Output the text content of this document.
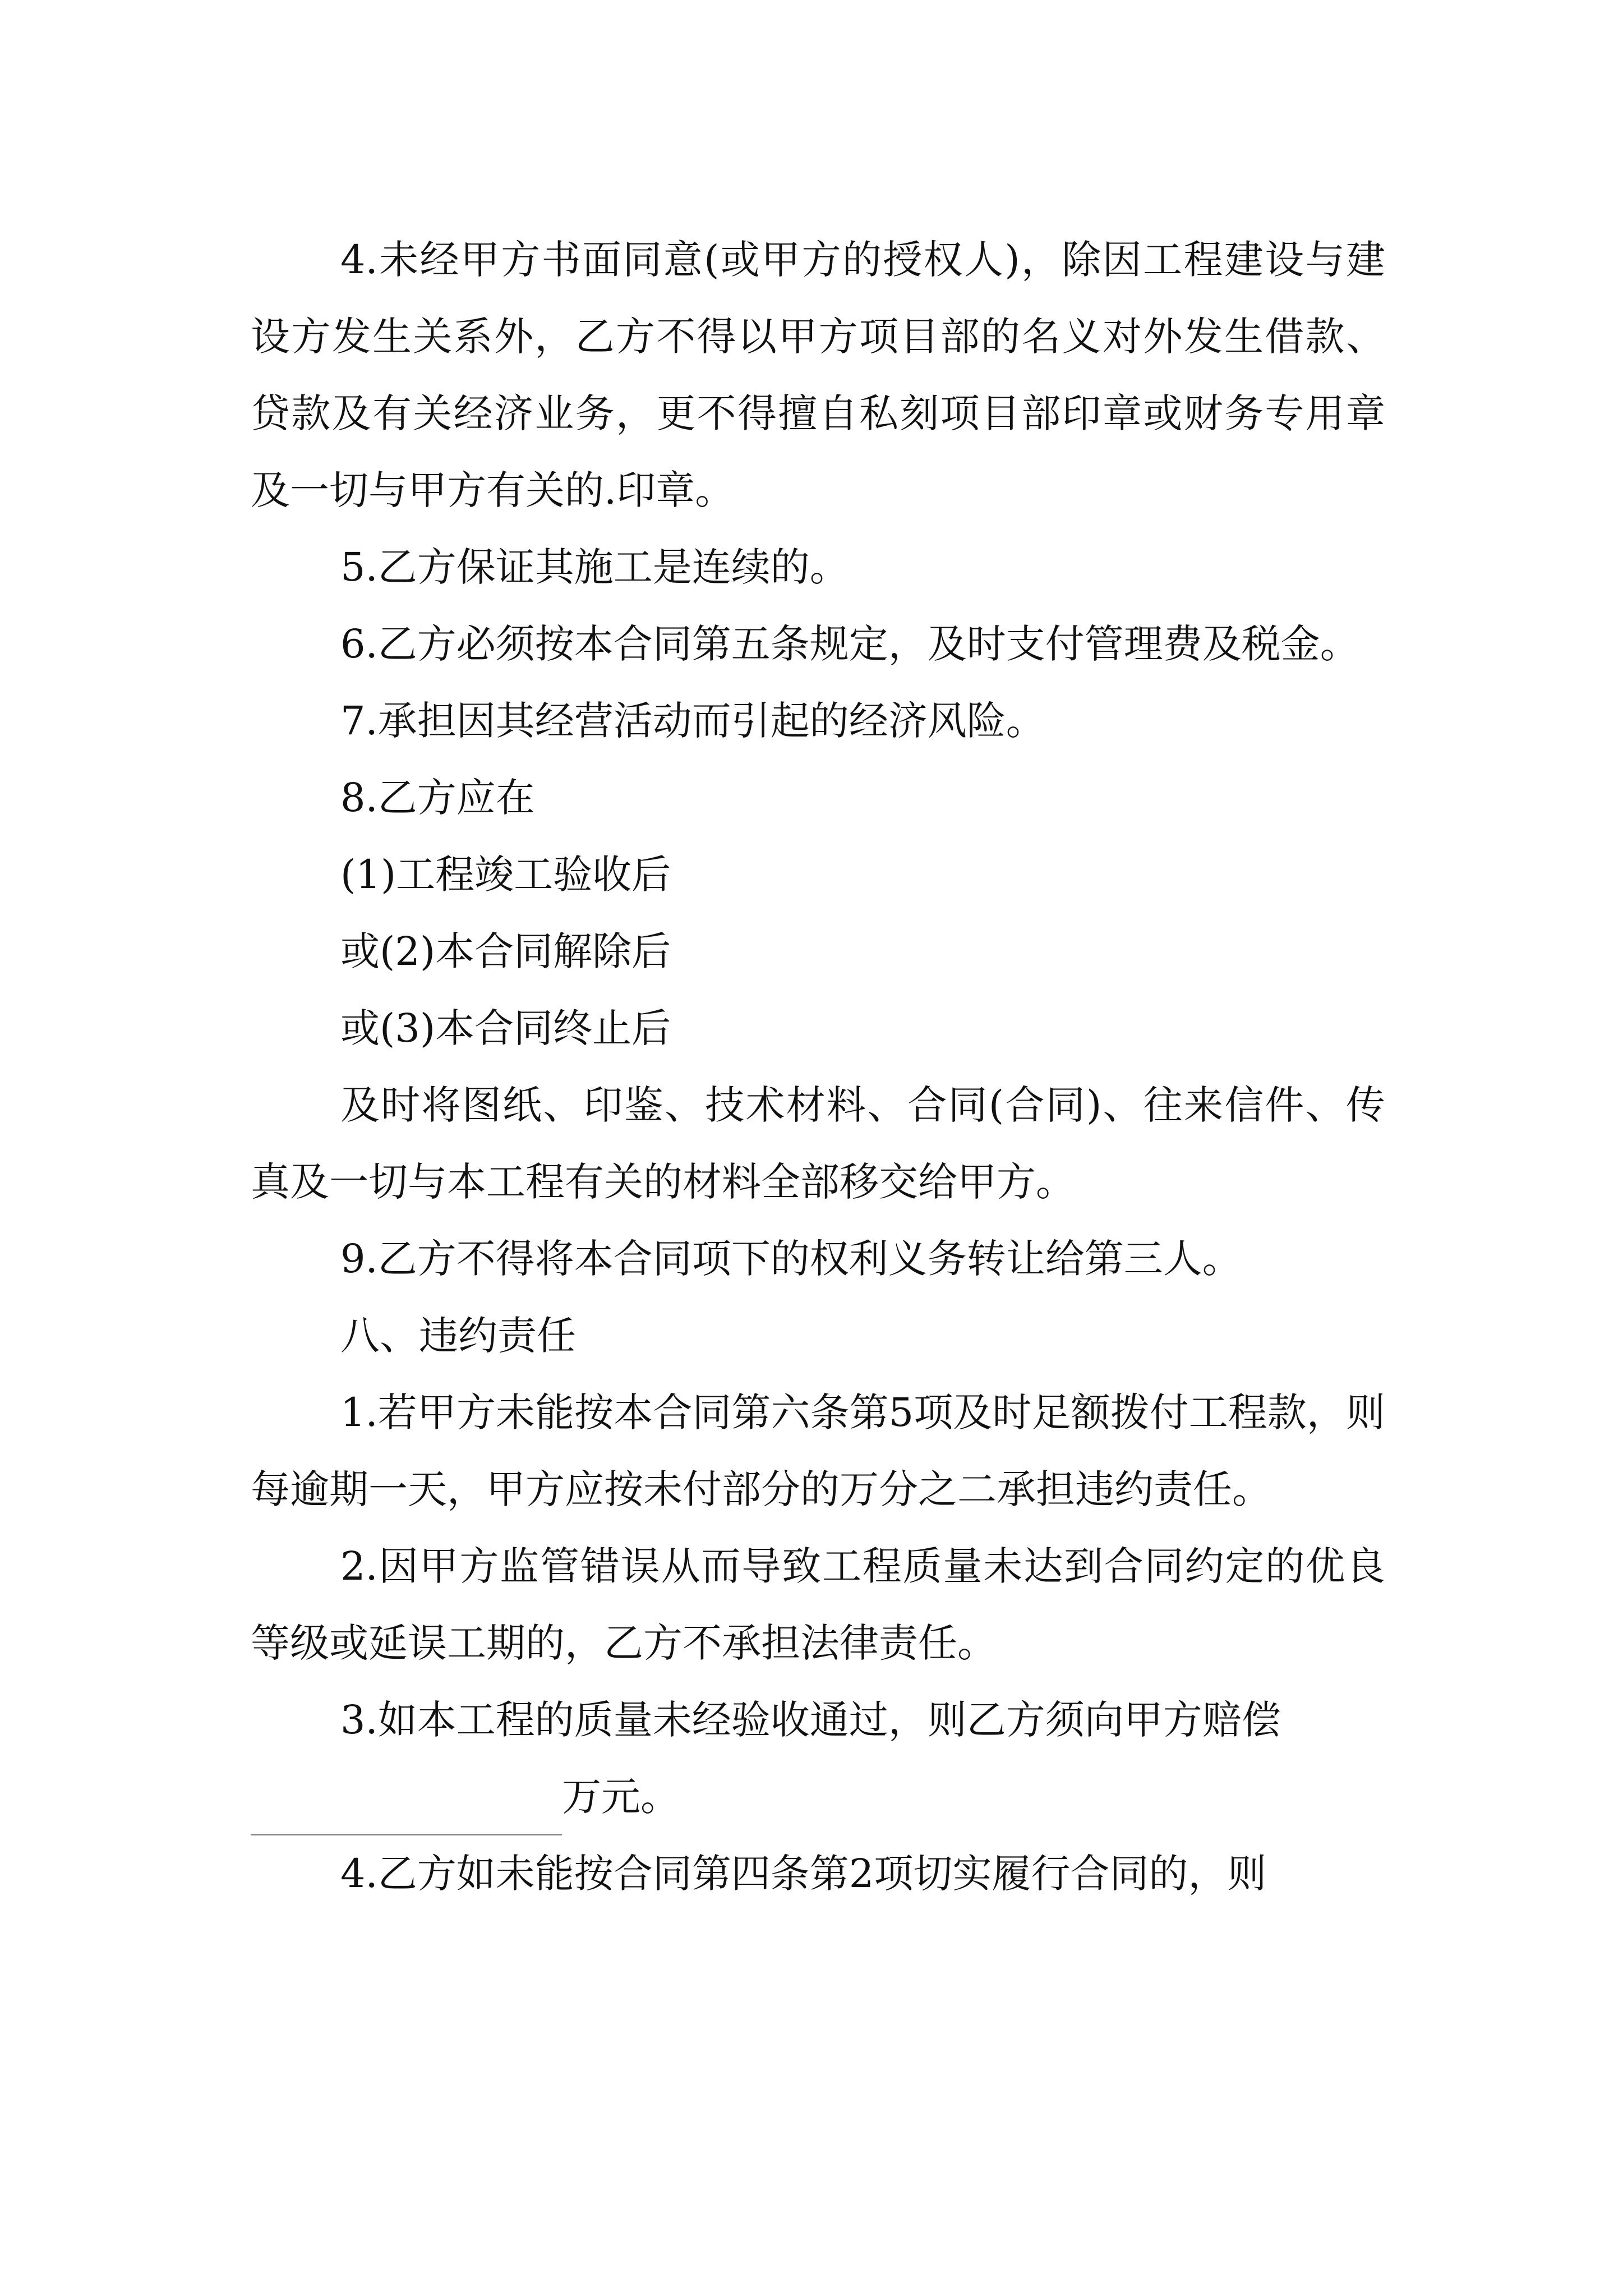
4.未经甲方书面同意(或甲方的授权人)，除因工程建设与建设方发生关系外，乙方不得以甲方项目部的名义对外发生借款、贷款及有关经济业务，更不得擅自私刻项目部印章或财务专用章及一切与甲方有关的.印章。

5.乙方保证其施工是连续的。

6.乙方必须按本合同第五条规定，及时支付管理费及税金。

7.承担因其经营活动而引起的经济风险。

8.乙方应在

(1)工程竣工验收后

或(2)本合同解除后

或(3)本合同终止后

及时将图纸、印鉴、技术材料、合同(合同)、往来信件、传真及一切与本工程有关的材料全部移交给甲方。

9.乙方不得将本合同项下的权利义务转让给第三人。

八、违约责任

1.若甲方未能按本合同第六条第5项及时足额拨付工程款，则每逾期一天，甲方应按未付部分的万分之二承担违约责任。

2.因甲方监管错误从而导致工程质量未达到合同约定的优良等级或延误工期的，乙方不承担法律责任。

3.如本工程的质量未经验收通过，则乙方须向甲方赔偿

万元。

4.乙方如未能按合同第四条第2项切实履行合同的，则
